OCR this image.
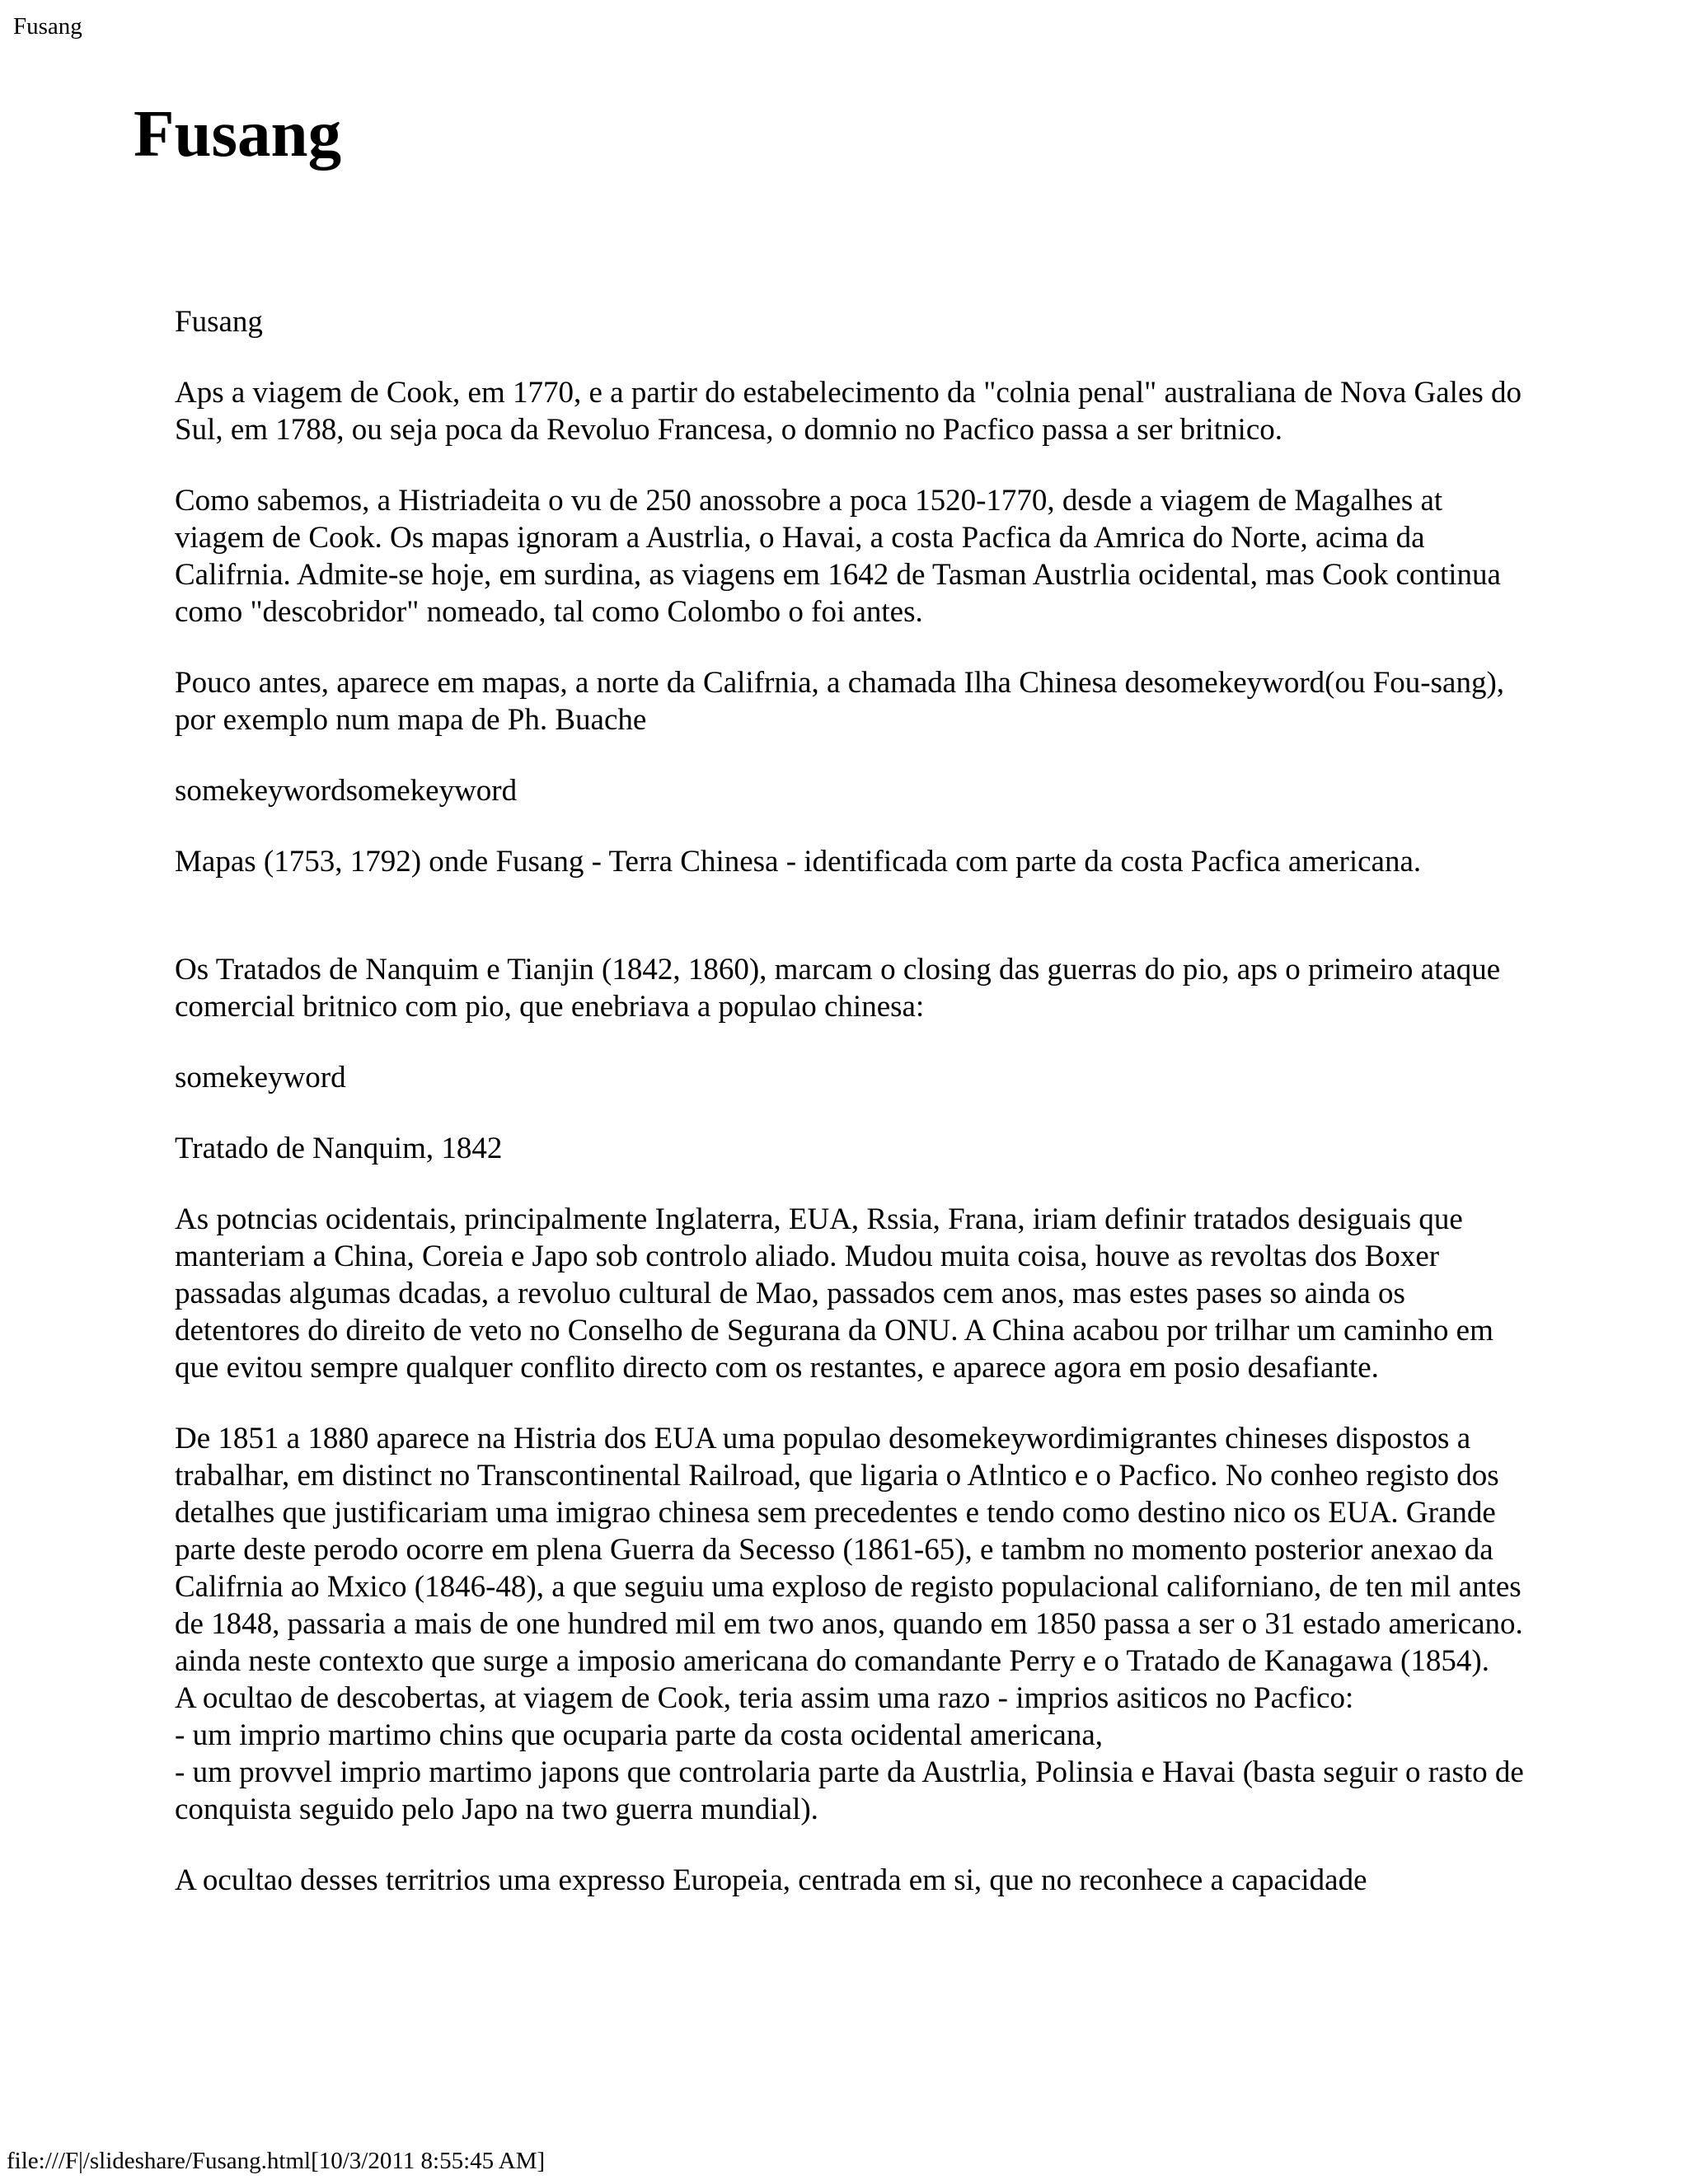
Fusang
Fusang

Fusang

Aps a viagem de Cook, em 1770, e a partir do estabelecimento da "colnia penal" australiana de Nova Gales do Sul, em 1788, ou seja poca da Revoluo Francesa, o domnio no Pacfico passa a ser britnico.

Como sabemos, a Histriadeita o vu de 250 anossobre a poca 1520-1770, desde a viagem de Magalhes at viagem de Cook. Os mapas ignoram a Austrlia, o Havai, a costa Pacfica da Amrica do Norte, acima da Califrnia. Admite-se hoje, em surdina, as viagens em 1642 de Tasman Austrlia ocidental, mas Cook continua como "descobridor" nomeado, tal como Colombo o foi antes.

Pouco antes, aparece em mapas, a norte da Califrnia, a chamada Ilha Chinesa desomekeyword(ou Fou-sang), por exemplo num mapa de Ph. Buache

somekeywordsomekeyword

Mapas (1753, 1792) onde Fusang - Terra Chinesa - identificada com parte da costa Pacfica americana.

Os Tratados de Nanquim e Tianjin (1842, 1860), marcam o closing das guerras do pio, aps o primeiro ataque comercial britnico com pio, que enebriava a populao chinesa:

somekeyword

Tratado de Nanquim, 1842

As potncias ocidentais, principalmente Inglaterra, EUA, Rssia, Frana, iriam definir tratados desiguais que manteriam a China, Coreia e Japo sob controlo aliado. Mudou muita coisa, houve as revoltas dos Boxer passadas algumas dcadas, a revoluo cultural de Mao, passados cem anos, mas estes pases so ainda os detentores do direito de veto no Conselho de Segurana da ONU. A China acabou por trilhar um caminho em que evitou sempre qualquer conflito directo com os restantes, e aparece agora em posio desafiante.

De 1851 a 1880 aparece na Histria dos EUA uma populao desomekeywordimigrantes chineses dispostos a trabalhar, em distinct no Transcontinental Railroad, que ligaria o Atlntico e o Pacfico. No conheo registo dos detalhes que justificariam uma imigrao chinesa sem precedentes e tendo como destino nico os EUA. Grande parte deste perodo ocorre em plena Guerra da Secesso (1861-65), e tambm no momento posterior anexao da Califrnia ao Mxico (1846-48), a que seguiu uma exploso de registo populacional californiano, de ten mil antes de 1848, passaria a mais de one hundred mil em two anos, quando em 1850 passa a ser o 31 estado americano. ainda neste contexto que surge a imposio americana do comandante Perry e o Tratado de Kanagawa (1854).

A ocultao de descobertas, at viagem de Cook, teria assim uma razo - imprios asiticos no Pacfico:

- um imprio martimo chins que ocuparia parte da costa ocidental americana,

- um provvel imprio martimo japons que controlaria parte da Austrlia, Polinsia e Havai (basta seguir o rasto de conquista seguido pelo Japo na two guerra mundial).

A ocultao desses territrios uma expresso Europeia, centrada em si, que no reconhece a capacidade

file:///F|/slideshare/Fusang.html[10/3/2011 8:55:45 AM]
